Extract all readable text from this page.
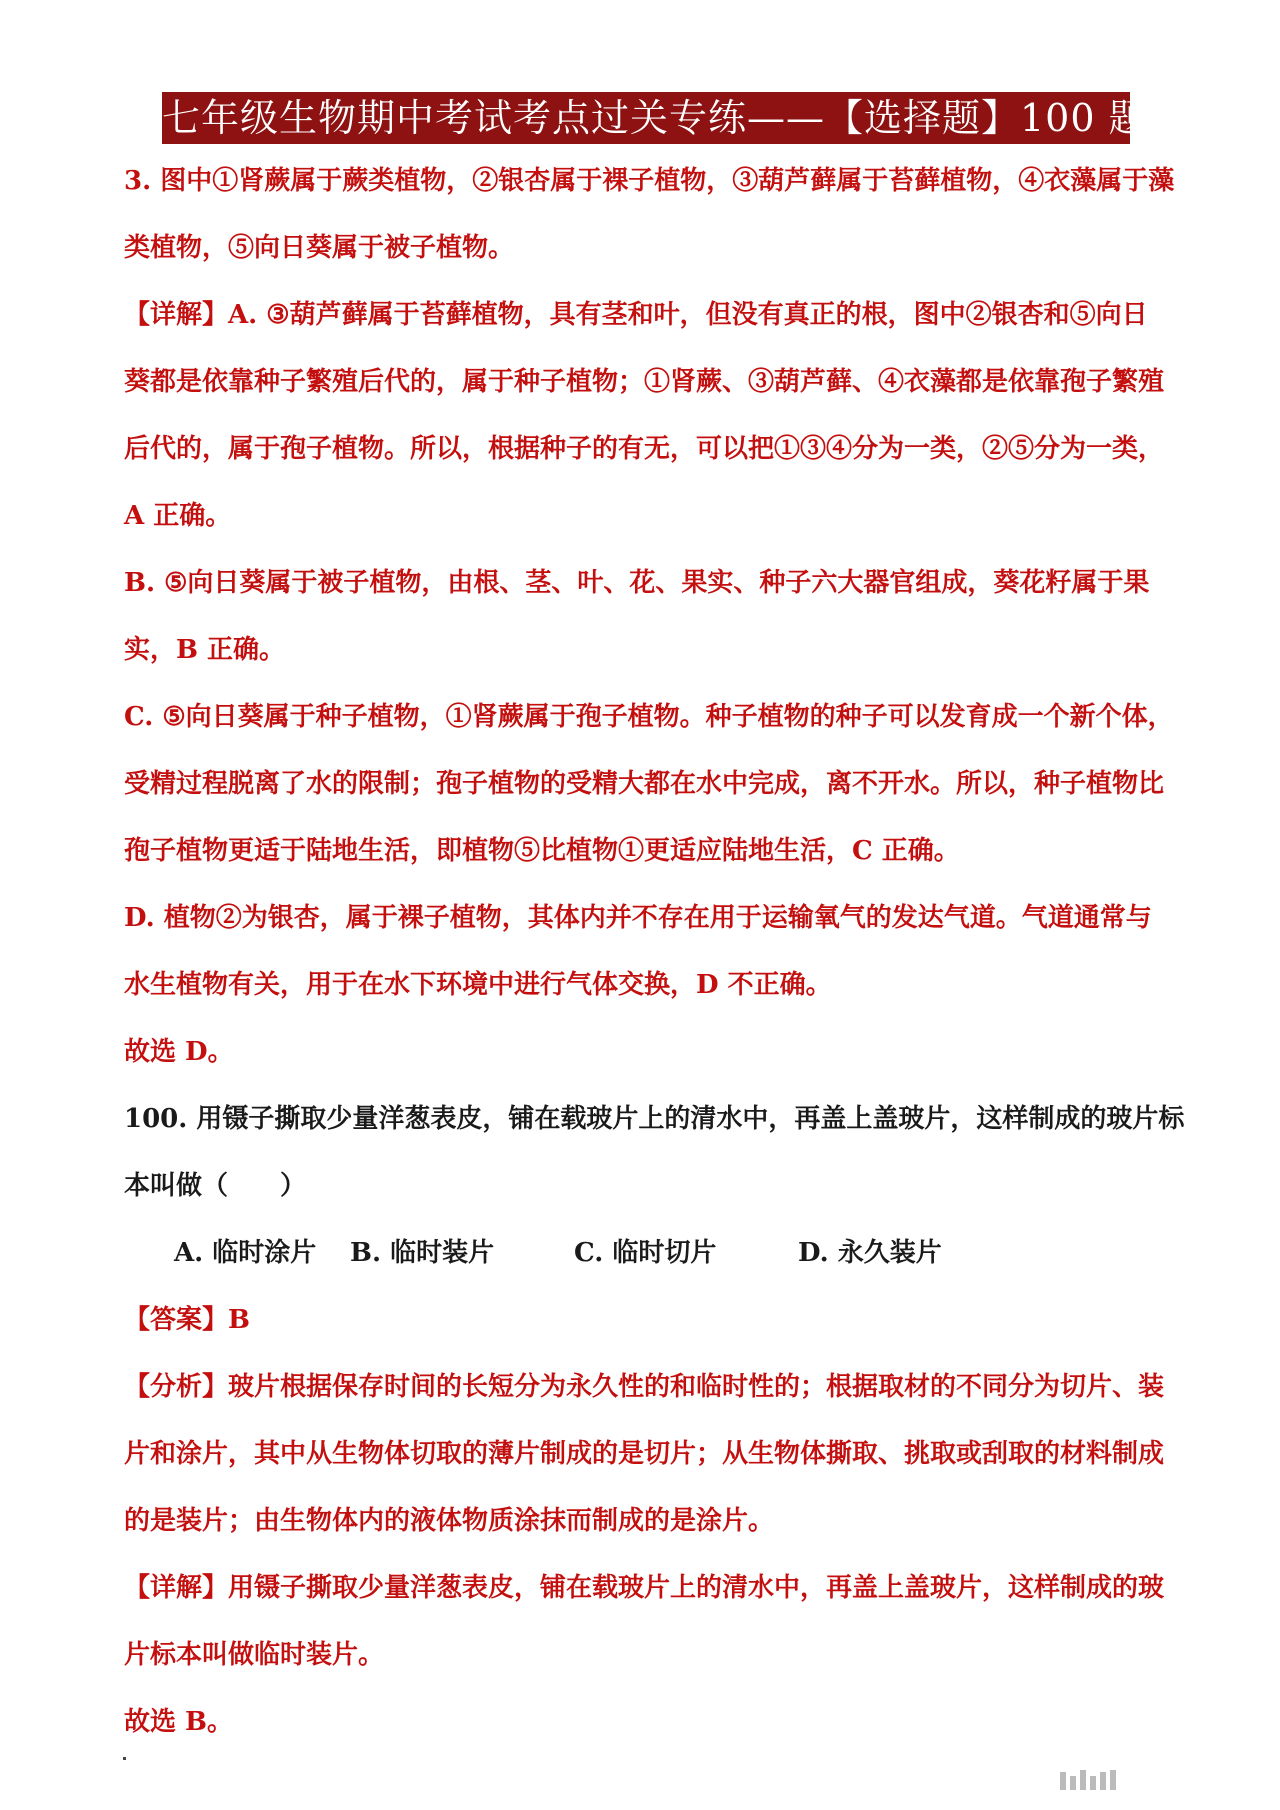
七年级生物期中考试考点过关专练——【选择题】100 题
3. 图中①肾蕨属于蕨类植物，②银杏属于裸子植物，③葫芦藓属于苔藓植物，④衣藻属于藻
类植物，⑤向日葵属于被子植物。
【详解】A. ③葫芦藓属于苔藓植物，具有茎和叶，但没有真正的根，图中②银杏和⑤向日
葵都是依靠种子繁殖后代的，属于种子植物；①肾蕨、③葫芦藓、④衣藻都是依靠孢子繁殖
后代的，属于孢子植物。所以，根据种子的有无，可以把①③④分为一类，②⑤分为一类，
A 正确。
B. ⑤向日葵属于被子植物，由根、茎、叶、花、果实、种子六大器官组成，葵花籽属于果
实，B 正确。
C. ⑤向日葵属于种子植物，①肾蕨属于孢子植物。种子植物的种子可以发育成一个新个体，
受精过程脱离了水的限制；孢子植物的受精大都在水中完成，离不开水。所以，种子植物比
孢子植物更适于陆地生活，即植物⑤比植物①更适应陆地生活，C 正确。
D. 植物②为银杏，属于裸子植物，其体内并不存在用于运输氧气的发达气道。气道通常与
水生植物有关，用于在水下环境中进行气体交换，D 不正确。
故选 D。
100. 用镊子撕取少量洋葱表皮，铺在载玻片上的清水中，再盖上盖玻片，这样制成的玻片标
本叫做（　　）
A. 临时涂片	B. 临时装片	C. 临时切片	D. 永久装片
【答案】B
【分析】玻片根据保存时间的长短分为永久性的和临时性的；根据取材的不同分为切片、装
片和涂片，其中从生物体切取的薄片制成的是切片；从生物体撕取、挑取或刮取的材料制成
的是装片；由生物体内的液体物质涂抹而制成的是涂片。
【详解】用镊子撕取少量洋葱表皮，铺在载玻片上的清水中，再盖上盖玻片，这样制成的玻
片标本叫做临时装片。
故选 B。
